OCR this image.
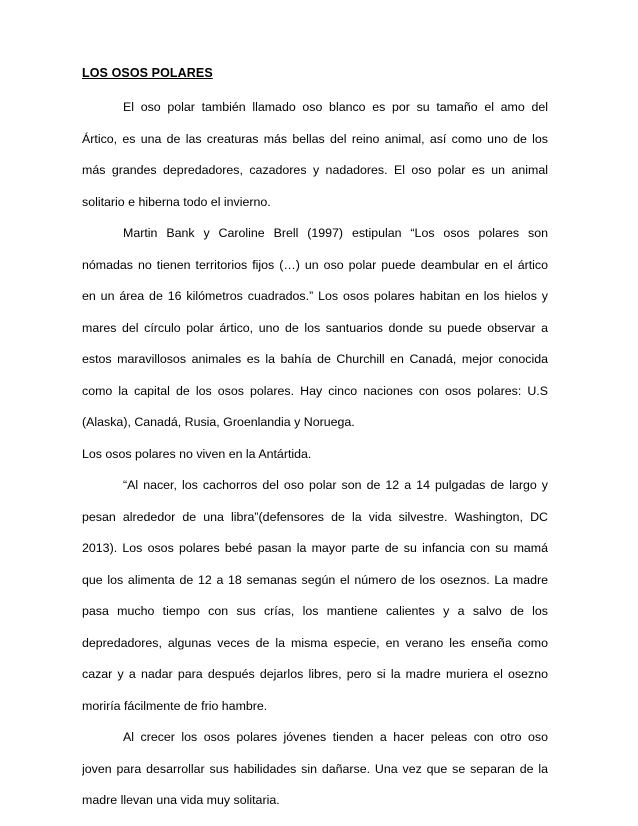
LOS OSOS POLARES
El oso polar también llamado oso blanco es por su tamaño el amo del
Ártico, es una de las creaturas más bellas del reino animal, así como uno de los
más grandes depredadores, cazadores y nadadores. El oso polar es un animal
solitario e hiberna todo el invierno.
Martin Bank y Caroline Brell (1997) estipulan “Los osos polares son
nómadas no tienen territorios fijos (…) un oso polar puede deambular en el ártico
en un área de 16 kilómetros cuadrados.” Los osos polares habitan en los hielos y
mares del círculo polar ártico, uno de los santuarios donde su puede observar a
estos maravillosos animales es la bahía de Churchill en Canadá, mejor conocida
como la capital de los osos polares. Hay cinco naciones con osos polares: U.S
(Alaska), Canadá, Rusia, Groenlandia y Noruega.
Los osos polares no viven en la Antártida.
“Al nacer, los cachorros del oso polar son de 12 a 14 pulgadas de largo y
pesan alrededor de una libra”(defensores de la vida silvestre. Washington, DC
2013). Los osos polares bebé pasan la mayor parte de su infancia con su mamá
que los alimenta de 12 a 18 semanas según el número de los oseznos. La madre
pasa mucho tiempo con sus crías, los mantiene calientes y a salvo de los
depredadores, algunas veces de la misma especie, en verano les enseña como
cazar y a nadar para después dejarlos libres, pero si la madre muriera el osezno
moriría fácilmente de frio hambre.
Al crecer los osos polares jóvenes tienden a hacer peleas con otro oso
joven para desarrollar sus habilidades sin dañarse. Una vez que se separan de la
madre llevan una vida muy solitaria.
